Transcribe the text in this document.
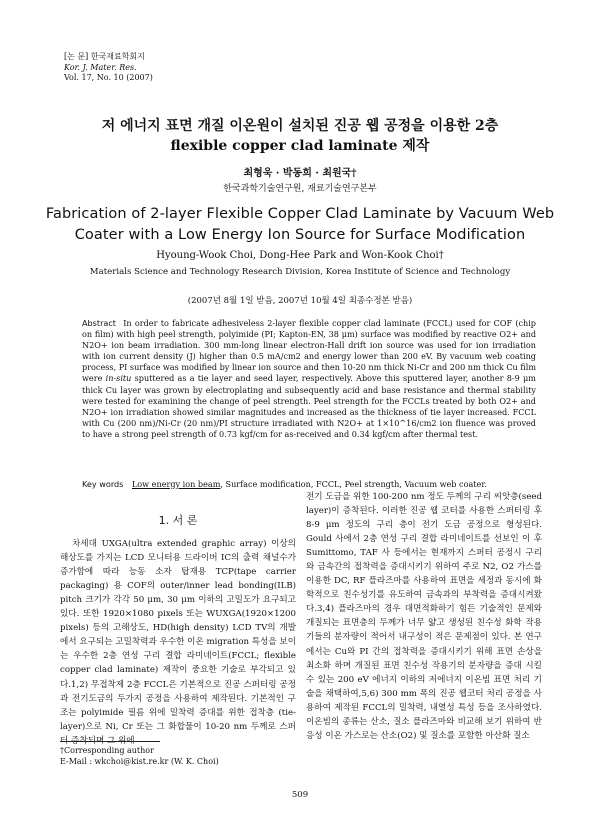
[논 문] 한국재료학회지
Kor. J. Mater. Res.
Vol. 17, No. 10 (2007)
저 에너지 표면 개질 이온원이 설치된 진공 웹 공정을 이용한 2층
flexible copper clad laminate 제작
최형욱 · 박동희 · 최원국†
한국과학기술연구원, 재료기술연구본부
Fabrication of 2-layer Flexible Copper Clad Laminate by Vacuum Web
Coater with a Low Energy Ion Source for Surface Modification
Hyoung-Wook Choi, Dong-Hee Park and Won-Kook Choi†
Materials Science and Technology Research Division, Korea Institute of Science and Technology
(2007년 8월 1일 받음, 2007년 10월 4일 최종수정본 받음)
Abstract In order to fabricate adhesiveless 2-layer flexible copper clad laminate (FCCL) used for COF (chip on film) with high peel strength, polyimide (PI; Kapton-EN, 38 μm) surface was modified by reactive O2+ and N2O+ ion beam irradiation. 300 mm-long linear electron-Hall drift ion source was used for ion irradiation with ion current density (J) higher than 0.5 mA/cm2 and energy lower than 200 eV. By vacuum web coating process, PI surface was modified by linear ion source and then 10-20 nm thick Ni-Cr and 200 nm thick Cu film were in-situ sputtered as a tie layer and seed layer, respectively. Above this sputtered layer, another 8-9 μm thick Cu layer was grown by electroplating and subsequently acid and base resistance and thermal stability were tested for examining the change of peel strength. Peel strength for the FCCLs treated by both O2+ and N2O+ ion irradiation showed similar magnitudes and increased as the thickness of tie layer increased. FCCL with Cu (200 nm)/Ni-Cr (20 nm)/PI structure irradiated with N2O+ at 1×10^16/cm2 ion fluence was proved to have a strong peel strength of 0.73 kgf/cm for as-received and 0.34 kgf/cm after thermal test.
Key words Low energy ion beam, Surface modification, FCCL, Peel strength, Vacuum web coater.
1. 서 론
차세대 UXGA(ultra extended graphic array) 이상의 해상도를 가지는 LCD 모니터용 드라이버 IC의 출력 채널수가 증가함에 따라 능동 소자 탑재용 TCP(tape carrier packaging) 용 COF의 outer/inner lead bonding(ILB) pitch 크기가 각각 50 μm, 30 μm 이하의 고밀도가 요구되고 있다. 또한 1920×1080 pixels 또는 WUXGA(1920×1200 pixels) 등의 고해상도, HD(high density) LCD TV의 개발에서 요구되는 고밀착력과 우수한 이온 migration 특성을 보이는 우수한 2층 연성 구리 결합 라미네이트(FCCL; flexible copper clad laminate) 제작이 중요한 기술로 부각되고 있다.1,2) 무접착제 2층 FCCL은 기본적으로 진공 스퍼터링 공정과 전기도금의 두가지 공정을 사용하여 제작된다. 기본적인 구조는 polyimide 필름 위에 밀착력 증대를 위한 접착층 (tie-layer)으로 Ni, Cr 또는 그 화합물이 10-20 nm 두께로 스퍼터 증착되며 그 위에
전기 도금을 위한 100-200 nm 정도 두께의 구리 씨앗층(seed layer)이 증착된다. 이러한 진공 웹 코터를 사용한 스퍼터링 후 8-9 μm 정도의 구리 층이 전기 도금 공정으로 형성된다. Gould 사에서 2층 연성 구리 결합 라미네이트를 선보인 이 후 Sumittomo, TAF 사 등에서는 현재까지 스퍼터 공정시 구리와 금속간의 접착력을 증대시키기 위하여 주로 N2, O2 가스를 이용한 DC, RF 플라즈마를 사용하여 표면을 세정과 동시에 화학적으로 친수성기를 유도하여 금속과의 부착력을 증대시켜왔다.3,4) 플라즈마의 경우 대면적화하기 힘든 기술적인 문제와 개질되는 표면층의 두께가 너무 얇고 생성된 친수성 화학 작용기들의 분자량이 적어서 내구성이 적은 문제점이 있다. 본 연구에서는 Cu와 PI 간의 접착력을 증대시키기 위해 표면 손상을 최소화 하며 개질된 표면 친수성 작용기의 분자량을 증대 시킬 수 있는 200 eV 에너지 이하의 저에너지 이온빔 표면 처리 기술을 채택하여,5,6) 300 mm 폭의 진공 웹코터 처리 공정을 사용하여 제작된 FCCL의 밀착력, 내열성 특성 등을 조사하였다. 이온빔의 종류는 산소, 질소 플라즈마와 비교해 보기 위하여 반응성 이온 가스로는 산소(O2) 및 질소를 포함한 아산화 질소
†Corresponding author
E-Mail : wkchoi@kist.re.kr (W. K. Choi)
509
